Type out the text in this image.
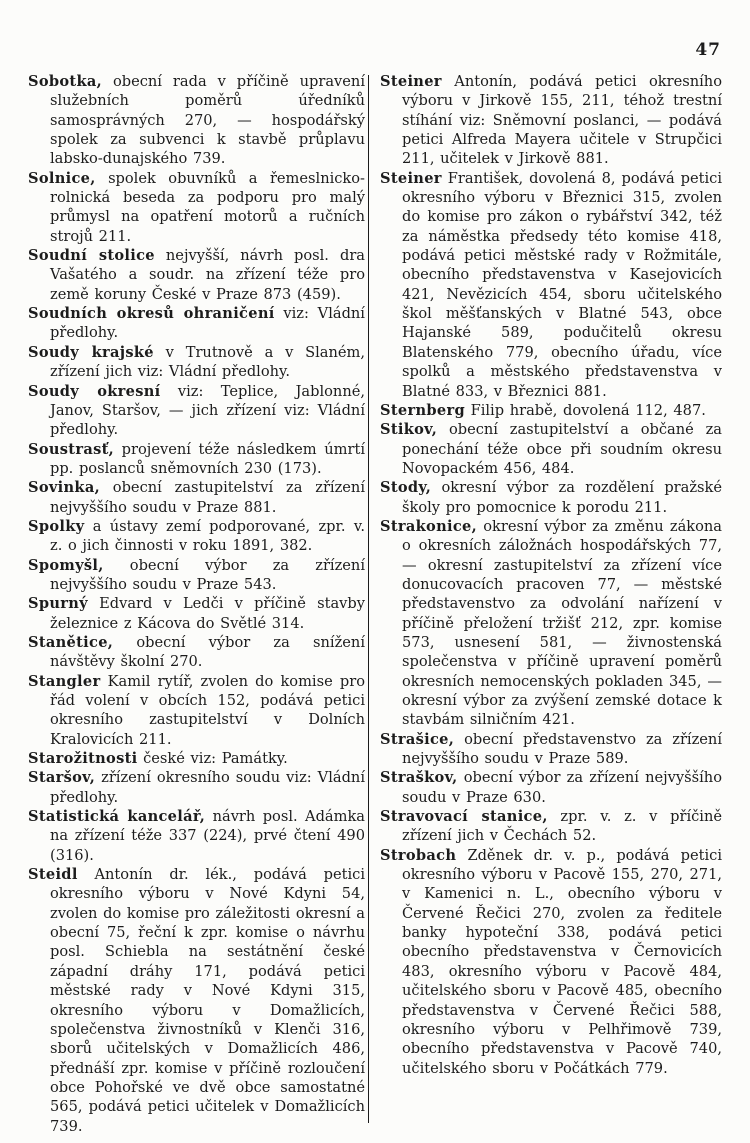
47

Sobotka, obecní rada v příčině upravení služebních poměrů úředníků samosprávných 270, — hospodářský spolek za subvenci k stavbě průplavu labsko-dunajského 739.

Solnice, spolek obuvníků a řemeslnicko-rolnická beseda za podporu pro malý průmysl na opatření motorů a ručních strojů 211.

Soudní stolice nejvyšší, návrh posl. dra Vašatého a soudr. na zřízení téže pro země koruny České v Praze 873 (459).

Soudních okresů ohraničení viz: Vládní předlohy.

Soudy krajské v Trutnově a v Slaném, zřízení jich viz: Vládní předlohy.

Soudy okresní viz: Teplice, Jablonné, Janov, Staršov, — jich zřízení viz: Vládní předlohy.

Soustrasť, projevení téže následkem úmrtí pp. poslanců sněmovních 230 (173).

Sovinka, obecní zastupitelství za zřízení nejvyššího soudu v Praze 881.

Spolky a ústavy zemí podporované, zpr. v. z. o jich činnosti v roku 1891, 382.

Spomyšl, obecní výbor za zřízení nejvyššího soudu v Praze 543.

Spurný Edvard v Ledči v příčině stavby železnice z Kácova do Světlé 314.

Stanětice, obecní výbor za snížení návštěvy školní 270.

Stangler Kamil rytíř, zvolen do komise pro řád volení v obcích 152, podává petici okresního zastupitelství v Dolních Kralovicích 211.

Starožitnosti české viz: Památky.

Staršov, zřízení okresního soudu viz: Vládní předlohy.

Statistická kancelář, návrh posl. Adámka na zřízení téže 337 (224), prvé čtení 490 (316).

Steidl Antonín dr. lék., podává petici okresního výboru v Nové Kdyni 54, zvolen do komise pro záležitosti okresní a obecní 75, řeční k zpr. komise o návrhu posl. Schiebla na sestátnění české západní dráhy 171, podává petici městské rady v Nové Kdyni 315, okresního výboru v Domažlicích, společenstva živnostníků v Klenči 316, sborů učitelských v Domažlicích 486, přednáší zpr. komise v příčině rozloučení obce Pohořské ve dvě obce samostatné 565, podává petici učitelek v Domažlicích 739.

Steiner Antonín, podává petici okresního výboru v Jirkově 155, 211, téhož trestní stíhání viz: Sněmovní poslanci, — podává petici Alfreda Mayera učitele v Strupčici 211, učitelek v Jirkově 881.

Steiner František, dovolená 8, podává petici okresního výboru v Březnici 315, zvolen do komise pro zákon o rybářství 342, též za náměstka předsedy této komise 418, podává petici městské rady v Rožmitále, obecního představenstva v Kasejovicích 421, Nevězicích 454, sboru učitelského škol měšťanských v Blatné 543, obce Hajanské 589, podučitelů okresu Blatenského 779, obecního úřadu, více spolků a městského představenstva v Blatné 833, v Březnici 881.

Sternberg Filip hrabě, dovolená 112, 487.

Stikov, obecní zastupitelství a občané za ponechání téže obce při soudním okresu Novopackém 456, 484.

Stody, okresní výbor za rozdělení pražské školy pro pomocnice k porodu 211.

Strakonice, okresní výbor za změnu zákona o okresních záložnách hospodářských 77, — okresní zastupitelství za zřízení více donucovacích pracoven 77, — městské představenstvo za odvolání nařízení v příčině přeložení tržišť 212, zpr. komise 573, usnesení 581, — živnostenská společenstva v příčině upravení poměrů okresních nemocenských pokladen 345, — okresní výbor za zvýšení zemské dotace k stavbám silničním 421.

Strašice, obecní představenstvo za zřízení nejvyššího soudu v Praze 589.

Straškov, obecní výbor za zřízení nejvyššího soudu v Praze 630.

Stravovací stanice, zpr. v. z. v příčině zřízení jich v Čechách 52.

Strobach Zděnek dr. v. p., podává petici okresního výboru v Pacově 155, 270, 271, v Kamenici n. L., obecního výboru v Červené Řečici 270, zvolen za ředitele banky hypoteční 338, podává petici obecního představenstva v Černovicích 483, okresního výboru v Pacově 484, učitelského sboru v Pacově 485, obecního představenstva v Červené Řečici 588, okresního výboru v Pelhřimově 739, obecního představenstva v Pacově 740, učitelského sboru v Počátkách 779.
